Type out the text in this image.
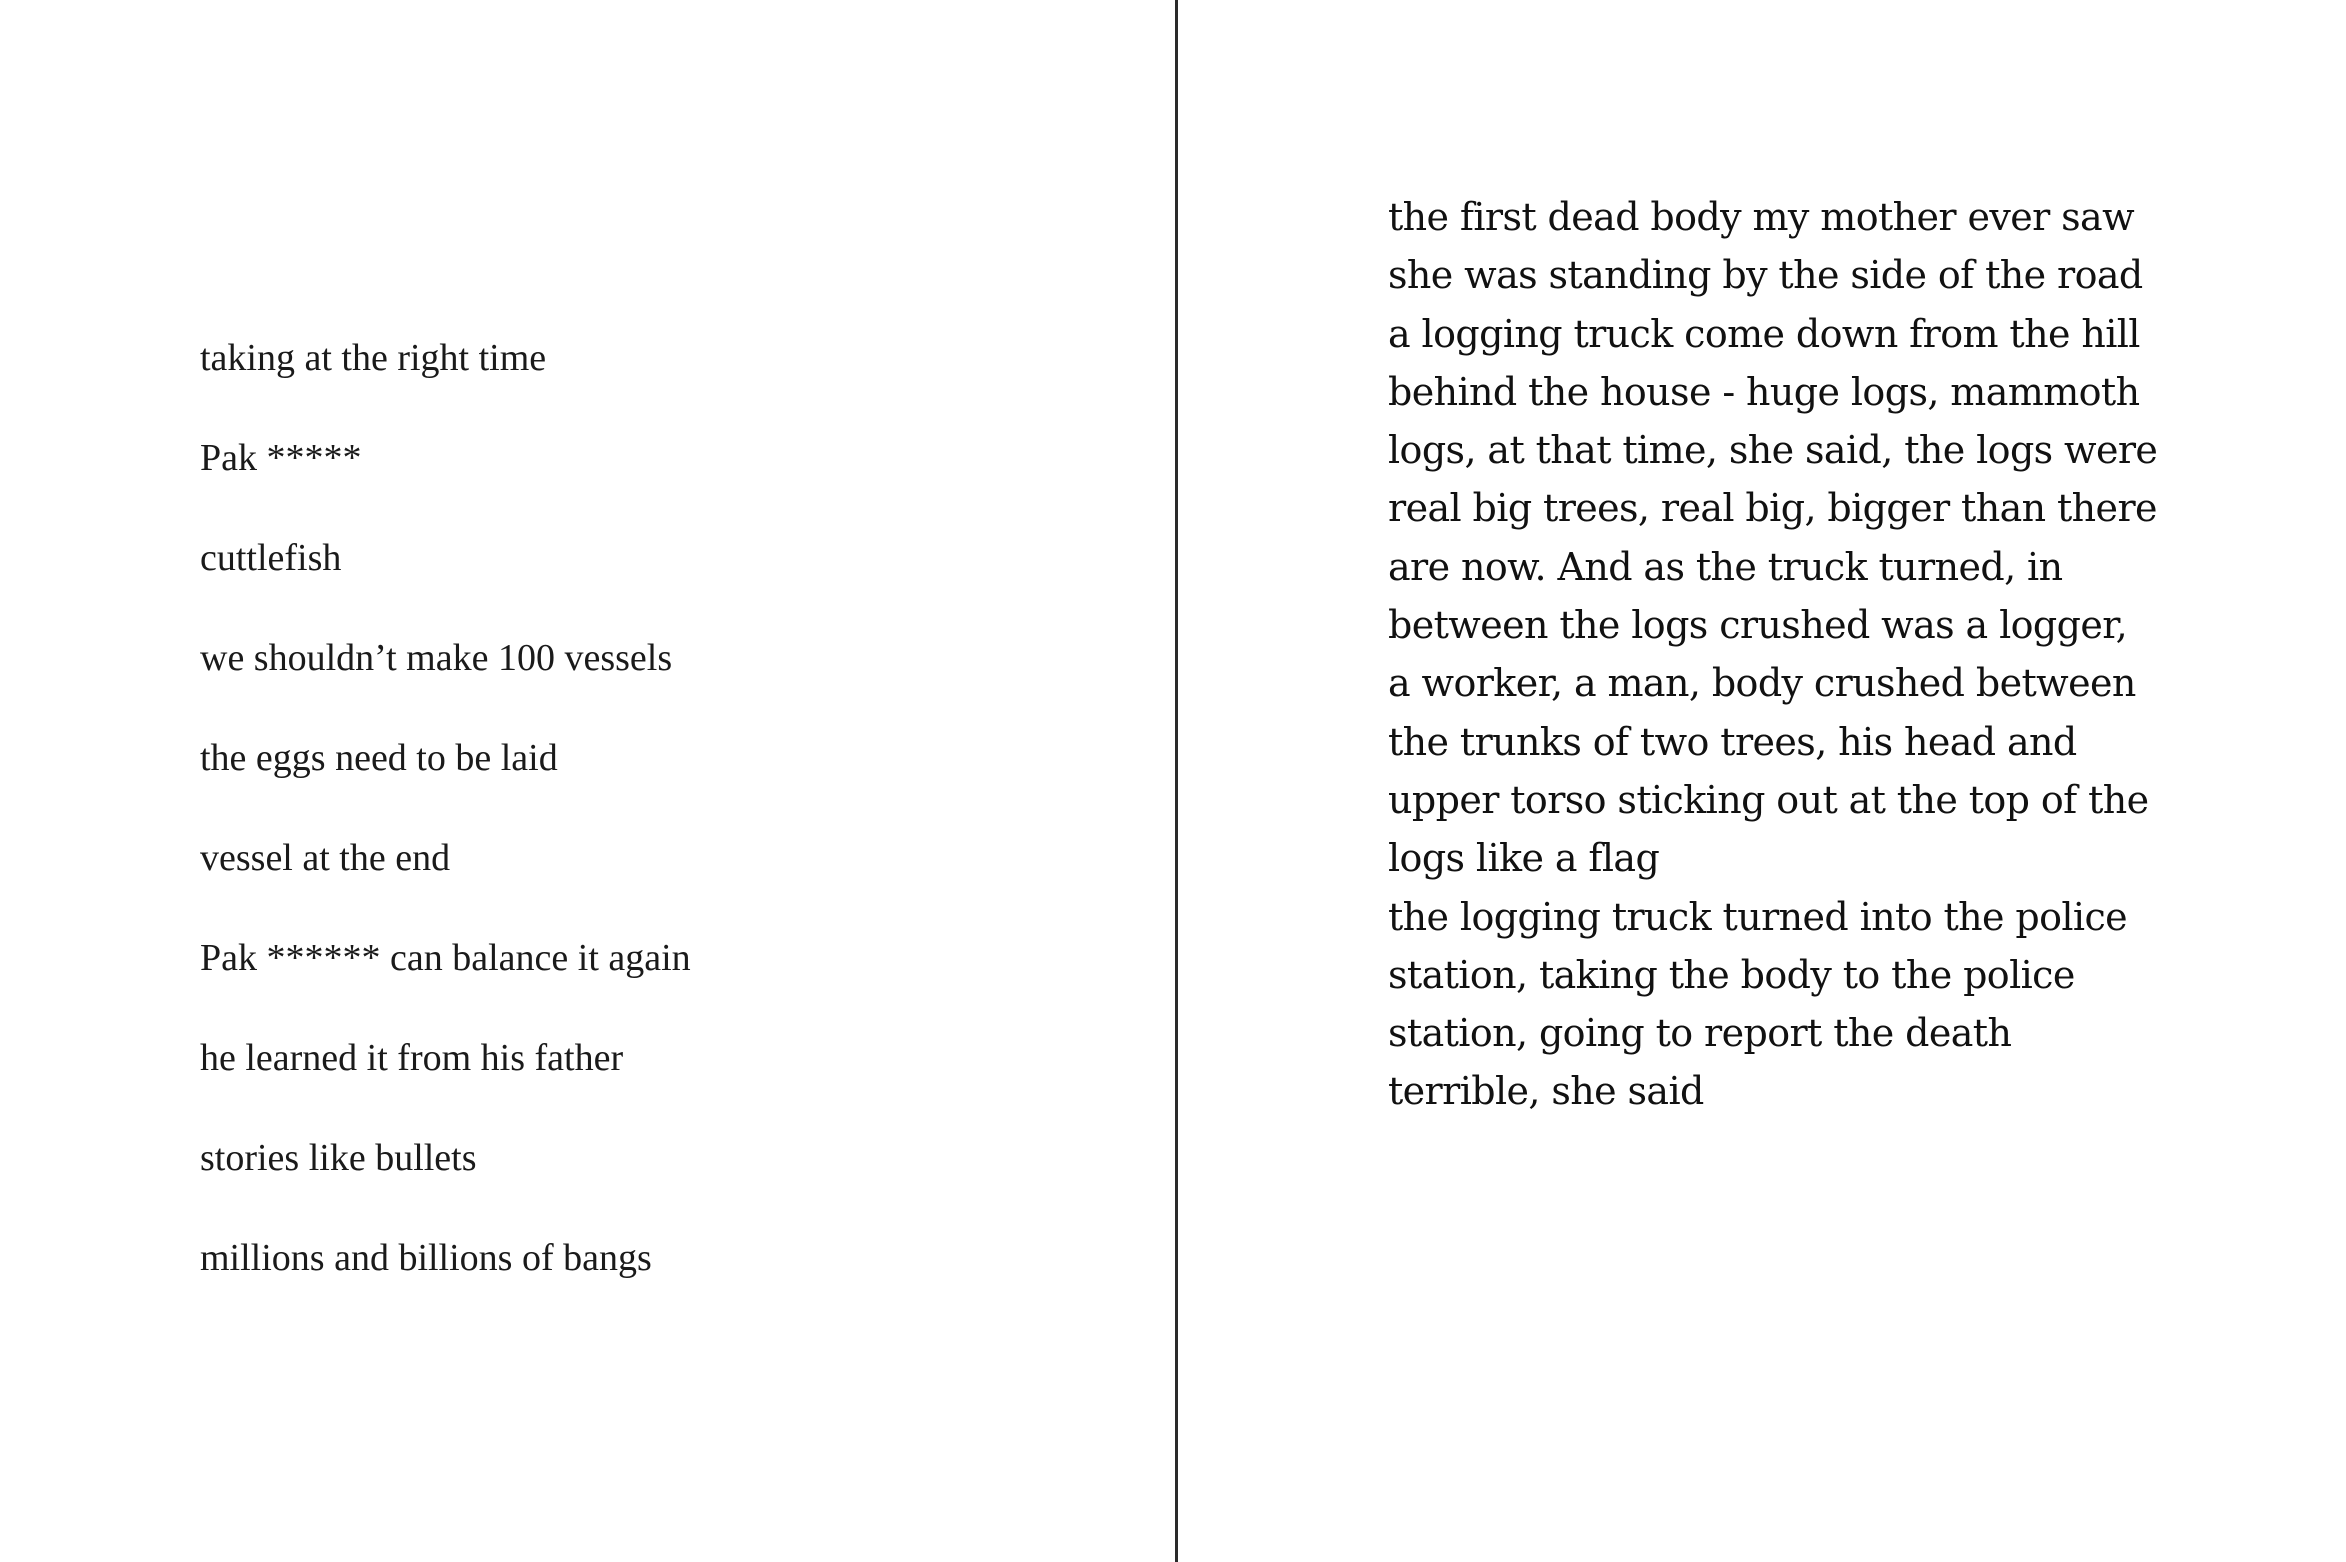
taking at the right time
Pak *****
cuttlefish
we shouldn’t make 100 vessels
the eggs need to be laid
vessel at the end
Pak ****** can balance it again
he learned it from his father
stories like bullets
millions and billions of bangs
the first dead body my mother ever saw
she was standing by the side of the road
a logging truck come down from the hill
behind the house - huge logs, mammoth
logs, at that time, she said, the logs were
real big trees, real big, bigger than there
are now. And as the truck turned, in
between the logs crushed was a logger,
a worker, a man, body crushed between
the trunks of two trees, his head and
upper torso sticking out at the top of the
logs like a flag
the logging truck turned into the police
station, taking the body to the police
station, going to report the death
terrible, she said
